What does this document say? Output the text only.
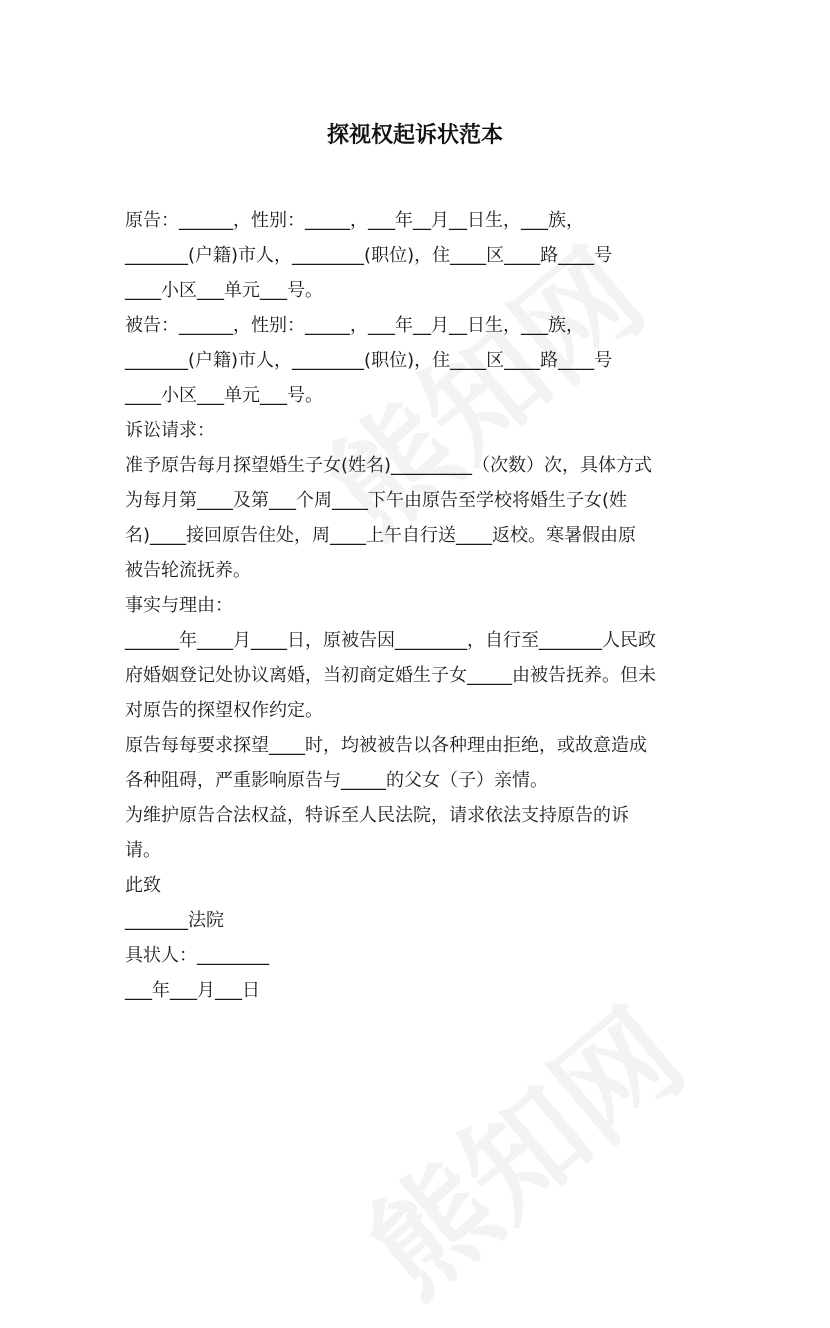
探视权起诉状范本
原告：______，性别：_____，___年__月__日生，___族，
_______(户籍)市人，________(职位)，住____区____路____号
____小区___单元___号。
被告：______，性别：_____，___年__月__日生，___族，
_______(户籍)市人，________(职位)，住____区____路____号
____小区___单元___号。
诉讼请求：
准予原告每月探望婚生子女(姓名)_________（次数）次，具体方式
为每月第____及第___个周____下午由原告至学校将婚生子女(姓
名)____接回原告住处，周____上午自行送____返校。寒暑假由原
被告轮流抚养。
事实与理由：
______年____月____日，原被告因________，自行至_______人民政
府婚姻登记处协议离婚，当初商定婚生子女_____由被告抚养。但未
对原告的探望权作约定。
原告每每要求探望____时，均被被告以各种理由拒绝，或故意造成
各种阻碍，严重影响原告与_____的父女（子）亲情。
为维护原告合法权益，特诉至人民法院，请求依法支持原告的诉
请。
此致
_______法院
具状人：________
___年___月___日
